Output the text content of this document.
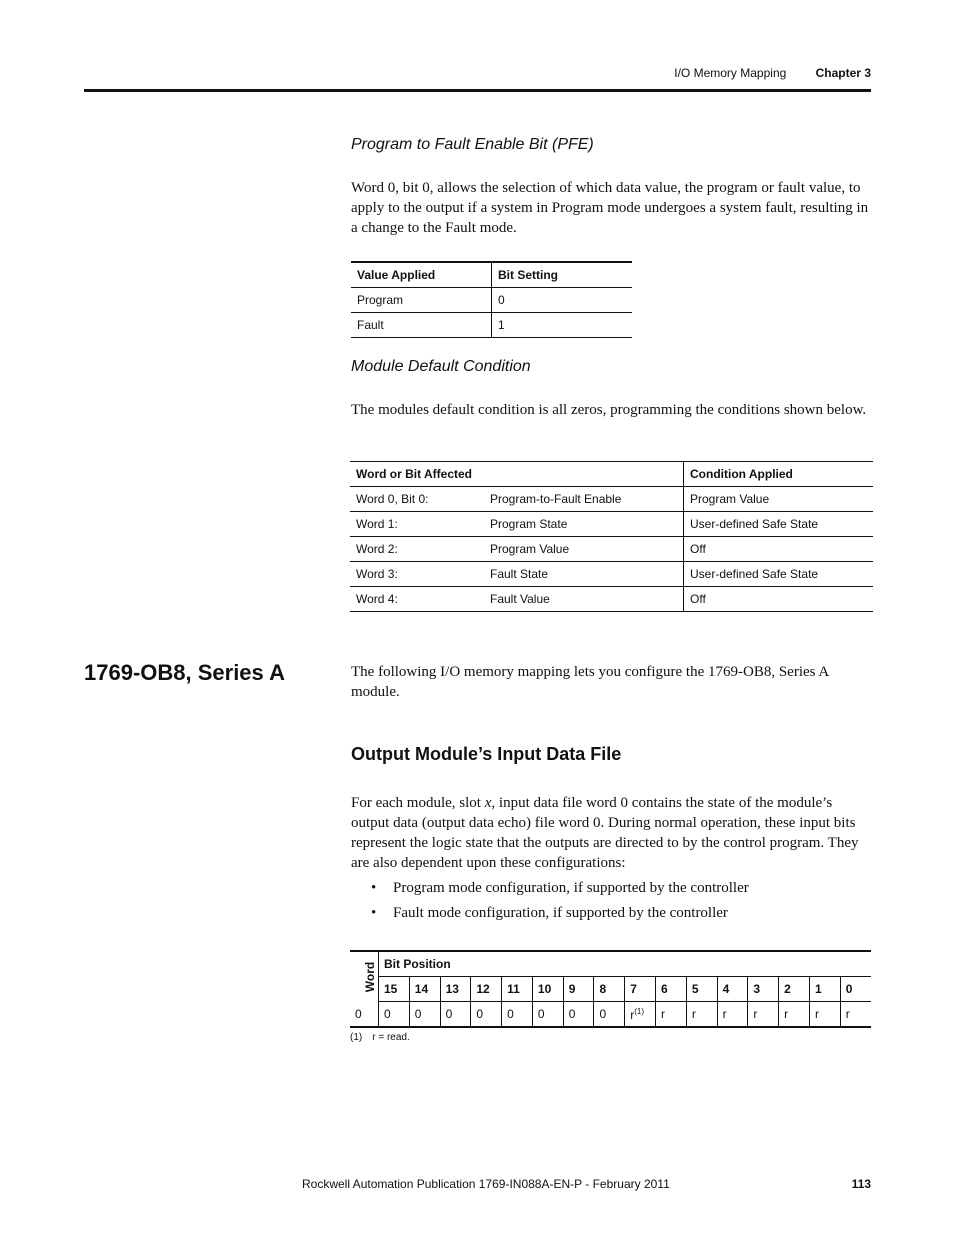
I/O Memory Mapping Chapter 3
Program to Fault Enable Bit (PFE)

Word 0, bit 0, allows the selection of which data value, the program or fault value, to apply to the output if a system in Program mode undergoes a system fault, resulting in a change to the Fault mode.

Value Applied	Bit Setting
Program	0
Fault	1
Module Default Condition

The modules default condition is all zeros, programming the conditions shown below.

Word or Bit Affected		Condition Applied
Word 0, Bit 0:	Program-to-Fault Enable	Program Value
Word 1:	Program State	User-defined Safe State
Word 2:	Program Value	Off
Word 3:	Fault State	User-defined Safe State
Word 4:	Fault Value	Off
1769-OB8, Series A	The following I/O memory mapping lets you configure the 1769-OB8, Series A module.

Output Module’s Input Data File

For each module, slot x, input data file word 0 contains the state of the module’s output data (output data echo) file word 0. During normal operation, these input bits represent the logic state that the outputs are directed to by the control program. They are also dependent upon these configurations:

• Program mode configuration, if supported by the controller
• Fault mode configuration, if supported by the controller
Word	Bit Position															
	15	14	13	12	11	10	9	8	7	6	5	4	3	2	1	0
0	0	0	0	0	0	0	0	0	$r^{(1)}$	r	r	r	r	r	r	r
(1) r = read.
Rockwell Automation Publication 1769-IN088A-EN-P - February 2011	113
